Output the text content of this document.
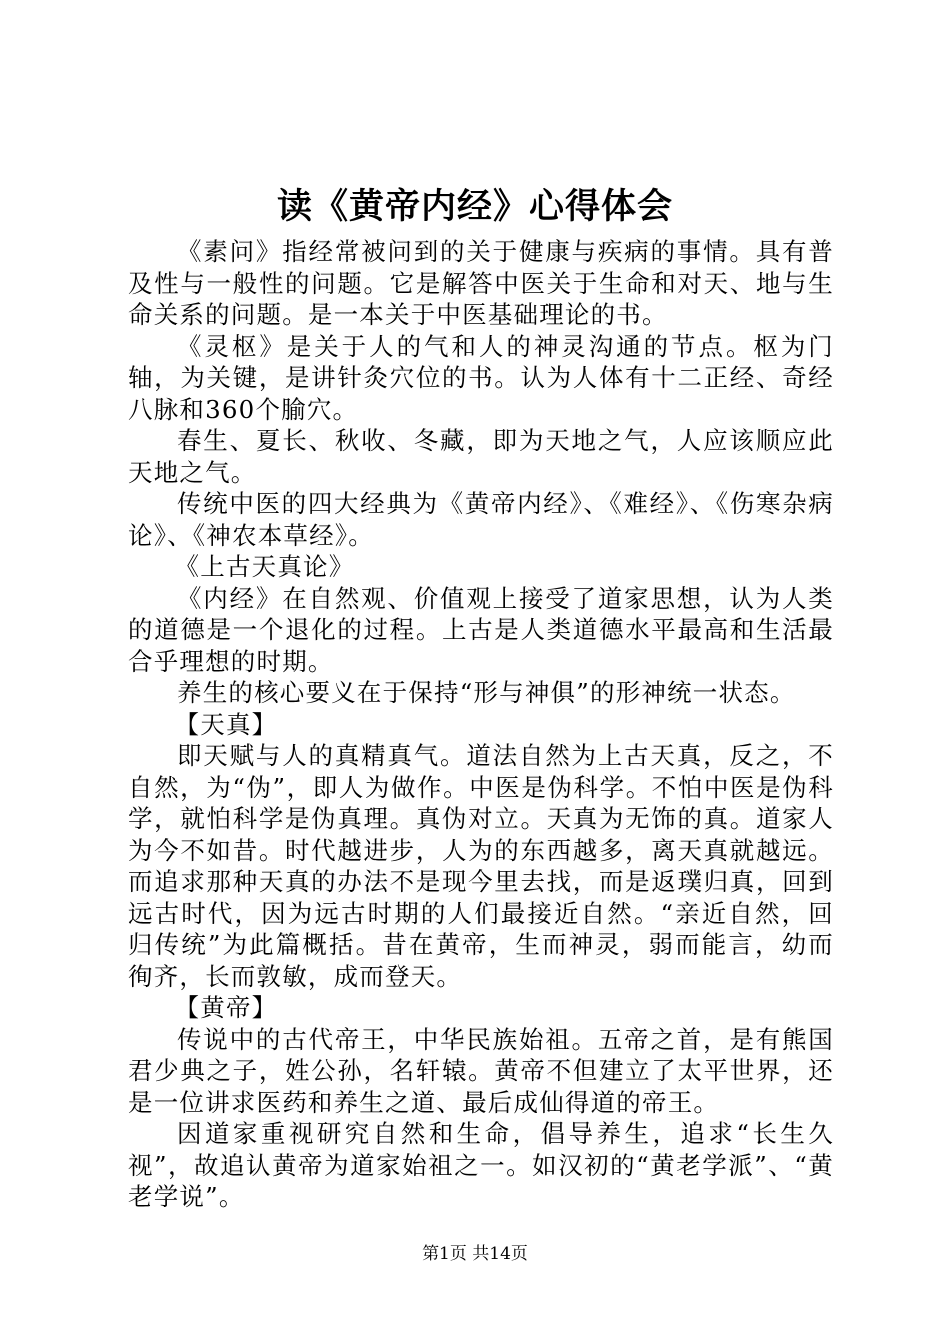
读《黄帝内经》心得体会

《素问》指经常被问到的关于健康与疾病的事情。具有普及性与一般性的问题。它是解答中医关于生命和对天、地与生命关系的问题。是一本关于中医基础理论的书。

《灵枢》是关于人的气和人的神灵沟通的节点。枢为门轴，为关键，是讲针灸穴位的书。认为人体有十二正经、奇经八脉和360个腧穴。

春生、夏长、秋收、冬藏，即为天地之气，人应该顺应此天地之气。

传统中医的四大经典为《黄帝内经》、《难经》、《伤寒杂病论》、《神农本草经》。

《上古天真论》

《内经》在自然观、价值观上接受了道家思想，认为人类的道德是一个退化的过程。上古是人类道德水平最高和生活最合乎理想的时期。

养生的核心要义在于保持“形与神俱”的形神统一状态。

【天真】

即天赋与人的真精真气。道法自然为上古天真，反之，不自然，为“伪”，即人为做作。中医是伪科学。不怕中医是伪科学，就怕科学是伪真理。真伪对立。天真为无饰的真。道家人为今不如昔。时代越进步，人为的东西越多，离天真就越远。而追求那种天真的办法不是现今里去找，而是返璞归真，回到远古时代，因为远古时期的人们最接近自然。“亲近自然，回归传统”为此篇概括。昔在黄帝，生而神灵，弱而能言，幼而徇齐，长而敦敏，成而登天。

【黄帝】

传说中的古代帝王，中华民族始祖。五帝之首，是有熊国君少典之子，姓公孙，名轩辕。黄帝不但建立了太平世界，还是一位讲求医药和养生之道、最后成仙得道的帝王。

因道家重视研究自然和生命，倡导养生，追求“长生久视”，故追认黄帝为道家始祖之一。如汉初的“黄老学派”、“黄老学说”。

第1页 共14页
